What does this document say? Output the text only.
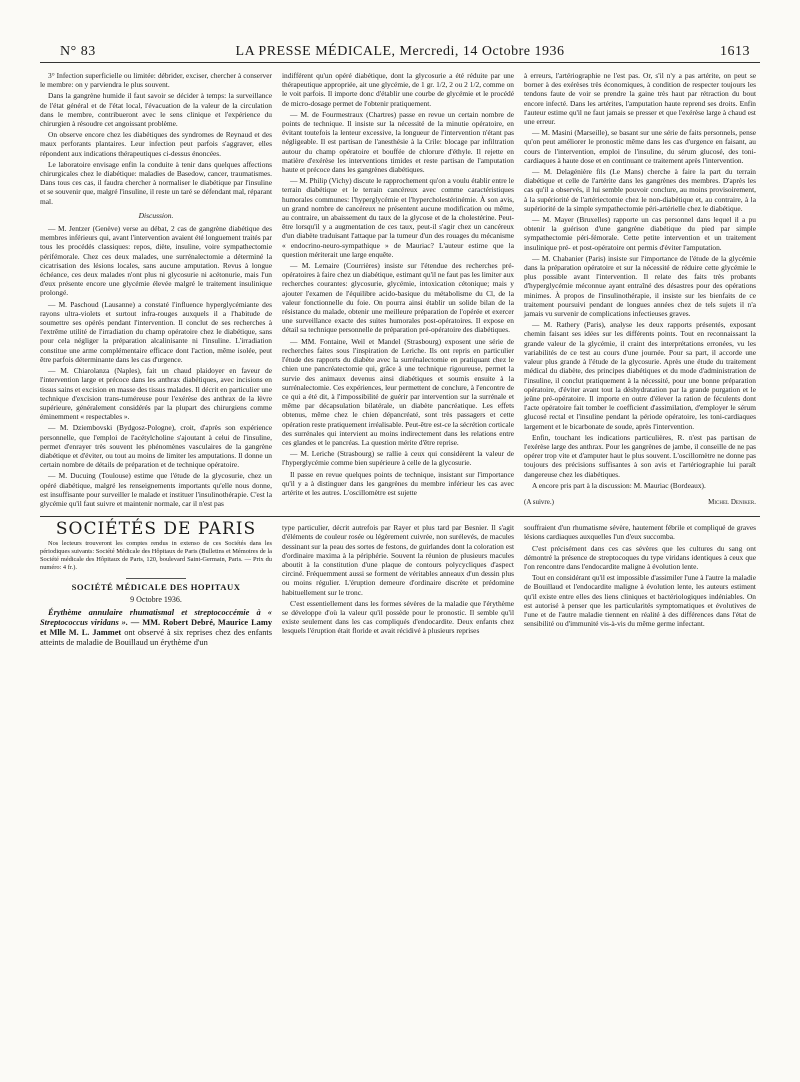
N° 83	LA PRESSE MÉDICALE, Mercredi, 14 Octobre 1936	1613

3° Infection superficielle ou limitée: débrider, exciser, chercher à conserver le membre: on y parviendra le plus souvent.

Dans la gangrène humide il faut savoir se décider à temps: la surveillance de l'état général et de l'état local, l'évacuation de la valeur de la circulation dans le membre, contribueront avec le sens clinique et l'expérience du chirurgien à résoudre cet angoissant problème.

On observe encore chez les diabétiques des syndromes de Reynaud et des maux perforants plantaires. Leur infection peut parfois s'aggraver, elles répondent aux indications thérapeutiques ci-dessus énoncées.

Le laboratoire envisage enfin la conduite à tenir dans quelques affections chirurgicales chez le diabétique: maladies de Basedow, cancer, traumatismes. Dans tous ces cas, il faudra chercher à normaliser le diabétique par l'insuline et se souvenir que, malgré l'insuline, il reste un taré se défendant mal, réparant mal.

Discussion.

— M. Jentzer (Genève) verse au débat, 2 cas de gangrène diabétique des membres inférieurs qui, avant l'intervention avaient été longuement traités par tous les procédés classiques: repos, diète, insuline, voire sympathectomie périfémorale. Chez ces deux malades, une surrénalectomie a déterminé la cicatrisation des lésions locales, sans aucune amputation. Revus à longue échéance, ces deux malades n'ont plus ni glycosurie ni acétonurie, mais l'un d'eux présente encore une glycémie élevée malgré le traitement insulinique prolongé.

— M. Paschoud (Lausanne) a constaté l'influence hyperglycémiante des rayons ultra-violets et surtout infra-rouges auxquels il a l'habitude de soumettre ses opérés pendant l'intervention. Il conclut de ses recherches à l'extrême utilité de l'irradiation du champ opératoire chez le diabétique, sans pour cela négliger la préparation alcalinisante ni l'insuline. L'irradiation constitue une arme complémentaire efficace dont l'action, même isolée, peut être parfois déterminante dans les cas d'urgence.

— M. Chiarolanza (Naples), fait un chaud plaidoyer en faveur de l'intervention large et précoce dans les anthrax diabétiques, avec incisions en tissus sains et excision en masse des tissus malades. Il décrit en particulier une technique d'excision trans-tuméreuse pour l'exérèse des anthrax de la lèvre supérieure, généralement considérés par la plupart des chirurgiens comme éminemment « respectables ».

— M. Dziembovski (Bydgosz-Pologne), croit, d'après son expérience personnelle, que l'emploi de l'acétylcholine s'ajoutant à celui de l'insuline, permet d'enrayer très souvent les phénomènes vasculaires de la gangrène diabétique et d'éviter, ou tout au moins de limiter les amputations. Il donne un certain nombre de détails de préparation et de technique opératoire.

— M. Ducuing (Toulouse) estime que l'étude de la glycosurie, chez un opéré diabétique, malgré les renseignements importants qu'elle nous donne, est insuffisante pour surveiller le malade et instituer l'insulinothérapie. C'est la glycémie qu'il faut suivre et maintenir normale, car il n'est pas

indifférent qu'un opéré diabétique, dont la glycosurie a été réduite par une thérapeutique appropriée, ait une glycémie, de 1 gr. 1/2, 2 ou 2 1/2, comme on le voit parfois. Il importe donc d'établir une courbe de glycémie et le procédé de micro-dosage permet de l'obtenir pratiquement.

— M. de Fourmestraux (Chartres) passe en revue un certain nombre de points de technique. Il insiste sur la nécessité de la minutie opératoire, en évitant toutefois la lenteur excessive, la longueur de l'intervention n'étant pas négligeable. Il est partisan de l'anesthésie à la Crile: blocage par infiltration autour du champ opératoire et bouffée de chlorure d'éthyle. Il rejette en matière d'exérèse les interventions timides et reste partisan de l'amputation haute et précoce dans les gangrènes diabétiques.

— M. Philip (Vichy) discute le rapprochement qu'on a voulu établir entre le terrain diabétique et le terrain cancéreux avec comme caractéristiques humorales communes: l'hyperglycémie et l'hypercholestérinémie. À son avis, un grand nombre de cancéreux ne présentent aucune modification ou même, au contraire, un abaissement du taux de la glycose et de la cholestérine. Peut-être lorsqu'il y a augmentation de ces taux, peut-il s'agir chez un cancéreux d'un diabète traduisant l'attaque par la tumeur d'un des rouages du mécanisme « endocrino-neuro-sympathique » de Mauriac? L'auteur estime que la question mériterait une large enquête.

— M. Lemaire (Courrières) insiste sur l'étendue des recherches pré-opératoires à faire chez un diabétique, estimant qu'il ne faut pas les limiter aux recherches courantes: glycosurie, glycémie, intoxication cétonique; mais y ajouter l'examen de l'équilibre acido-basique du métabolisme du Cl, de la valeur fonctionnelle du foie. On pourra ainsi établir un solide bilan de la résistance du malade, obtenir une meilleure préparation de l'opérée et exercer une surveillance exacte des suites humorales post-opératoires. Il expose en détail sa technique personnelle de préparation pré-opératoire des diabétiques.

— MM. Fontaine, Weil et Mandel (Strasbourg) exposent une série de recherches faites sous l'inspiration de Leriche. Ils ont repris en particulier l'étude des rapports du diabète avec la surrénalectomie en pratiquant chez le chien une pancréatectomie qui, grâce à une technique rigoureuse, permet la survie des animaux devenus ainsi diabétiques et soumis ensuite à la surrénalectomie. Ces expériences, leur permettent de conclure, à l'encontre de ce qui a été dit, à l'impossibilité de guérir par intervention sur la surrénale et même par décapsulation bilatérale, un diabète pancréatique. Les effets obtenus, même chez le chien dépancréaté, sont très passagers et cette opération reste pratiquement irréalisable. Peut-être est-ce la sécrétion corticale des surrénales qui intervient au moins indirectement dans les relations entre ces glandes et le pancréas. La question mérite d'être reprise.

— M. Leriche (Strasbourg) se rallie à ceux qui considèrent la valeur de l'hyperglycémie comme bien supérieure à celle de la glycosurie.

Il passe en revue quelques points de technique, insistant sur l'importance qu'il y a à distinguer dans les gangrènes du membre inférieur les cas avec artérite et les autres. L'oscillomètre est sujette

à erreurs, l'artériographie ne l'est pas. Or, s'il n'y a pas artérite, on peut se borner à des exérèses très économiques, à condition de respecter toujours les tendons faute de voir se prendre la gaine très haut par rétraction du bout encore infecté. Dans les artérites, l'amputation haute reprend ses droits. Enfin l'auteur estime qu'il ne faut jamais se presser et que l'exérèse large à chaud est une erreur.

— M. Masini (Marseille), se basant sur une série de faits personnels, pense qu'on peut améliorer le pronostic même dans les cas d'urgence en faisant, au cours de l'intervention, emploi de l'insuline, du sérum glucosé, des toni-cardiaques à haute dose et en continuant ce traitement après l'intervention.

— M. Delagénière fils (Le Mans) cherche à faire la part du terrain diabétique et celle de l'artérite dans les gangrènes des membres. D'après les cas qu'il a observés, il lui semble pouvoir conclure, au moins provisoirement, à la supériorité de l'artériectomie chez le non-diabétique et, au contraire, à la supériorité de la simple sympathectomie péri-artérielle chez le diabétique.

— M. Mayer (Bruxelles) rapporte un cas personnel dans lequel il a pu obtenir la guérison d'une gangrène diabétique du pied par simple sympathectomie péri-fémorale. Cette petite intervention et un traitement insulinique pré- et post-opératoire ont permis d'éviter l'amputation.

— M. Chabanier (Paris) insiste sur l'importance de l'étude de la glycémie dans la préparation opératoire et sur la nécessité de réduire cette glycémie le plus possible avant l'intervention. Il relate des faits très probants d'hyperglycémie méconnue ayant entraîné des désastres pour des opérations minimes. À propos de l'insulinothérapie, il insiste sur les bienfaits de ce traitement poursuivi pendant de longues années chez de tels sujets il n'a jamais vu survenir de complications infectieuses graves.

— M. Rathery (Paris), analyse les deux rapports présentés, exposant chemin faisant ses idées sur les différents points. Tout en reconnaissant la grande valeur de la glycémie, il craint des interprétations erronées, vu les variabilités de ce test au cours d'une journée. Pour sa part, il accorde une valeur plus grande à l'étude de la glycosurie. Après une étude du traitement médical du diabète, des principes diabétiques et du mode d'administration de l'insuline, il conclut pratiquement à la nécessité, pour une bonne préparation opératoire, d'éviter avant tout la déshydratation par la grande purgation et le jeûne pré-opératoire. Il importe en outre d'élever la ration de féculents dont l'acte opératoire fait tomber le coefficient d'assimilation, d'employer le sérum glucosé rectal et l'insuline pendant la période opératoire, les toni-cardiaques largement et le bicarbonate de soude, après l'intervention.

Enfin, touchant les indications particulières, R. n'est pas partisan de l'exérèse large des anthrax. Pour les gangrènes de jambe, il conseille de ne pas opérer trop vite et d'amputer haut le plus souvent. L'oscillomètre ne donne pas toujours des précisions suffisantes à son avis et l'artériographie lui paraît dangereuse chez les diabétiques.

A encore pris part à la discussion: M. Mauriac (Bordeaux).

(A suivre.)	Michel Deniker.
SOCIÉTÉS DE PARIS
Nos lecteurs trouveront les comptes rendus in extenso de ces Sociétés dans les périodiques suivants: Société Médicale des Hôpitaux de Paris (Bulletins et Mémoires de la Société médicale des Hôpitaux de Paris, 120, boulevard Saint-Germain, Paris. — Prix du numéro: 4 fr.).
SOCIÉTÉ MÉDICALE DES HOPITAUX
9 Octobre 1936.

Érythème annulaire rhumatismal et streptococcémie à « Streptococcus viridans ». — MM. Robert Debré, Maurice Lamy et Mlle M. L. Jammet ont observé à six reprises chez des enfants atteints de maladie de Bouillaud un érythème d'un

type particulier, décrit autrefois par Rayer et plus tard par Besnier. Il s'agit d'éléments de couleur rosée ou légèrement cuivrée, non surélevés, de macules dessinant sur la peau des sortes de festons, de guirlandes dont la coloration est d'ordinaire maxima à la périphérie. Souvent la réunion de plusieurs macules aboutit à la constitution d'une plaque de contours polycycliques d'aspect circiné. Fréquemment aussi se forment de véritables anneaux d'un dessin plus ou moins régulier. L'éruption demeure d'ordinaire discrète et prédomine habituellement sur le tronc.

C'est essentiellement dans les formes sévères de la maladie que l'érythème se développe d'où la valeur qu'il possède pour le pronostic. Il semble qu'il existe seulement dans les cas compliqués d'endocardite. Deux enfants chez lesquels l'éruption était floride et avait récidivé à plusieurs reprises

souffraient d'un rhumatisme sévère, hautement fébrile et compliqué de graves lésions cardiaques auxquelles l'un d'eux succomba.

C'est précisément dans ces cas sévères que les cultures du sang ont démontré la présence de streptocoques du type viridans identiques à ceux que l'on rencontre dans l'endocardite maligne à évolution lente.

Tout en considérant qu'il est impossible d'assimiler l'une à l'autre la maladie de Bouillaud et l'endocardite maligne à évolution lente, les auteurs estiment qu'il existe entre elles des liens cliniques et bactériologiques indéniables. On est autorisé à penser que les particularités symptomatiques et évolutives de l'une et de l'autre maladie tiennent en réalité à des différences dans l'état de sensibilité ou d'immunité vis-à-vis du même germe infectant.
